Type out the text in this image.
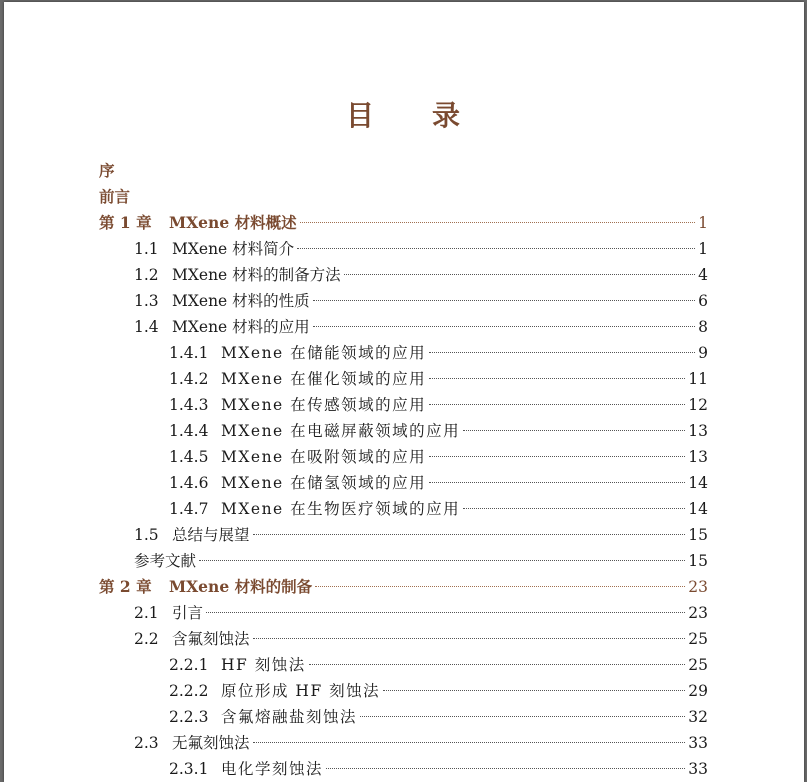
目 录
序
前言
第 1 章	MXene 材料概述	1
1.1 MXene 材料简介	1
1.2 MXene 材料的制备方法	4
1.3 MXene 材料的性质	6
1.4 MXene 材料的应用	8
1.4.1 MXene 在储能领域的应用	9
1.4.2 MXene 在催化领域的应用	11
1.4.3 MXene 在传感领域的应用	12
1.4.4 MXene 在电磁屏蔽领域的应用	13
1.4.5 MXene 在吸附领域的应用	13
1.4.6 MXene 在储氢领域的应用	14
1.4.7 MXene 在生物医疗领域的应用	14
1.5 总结与展望	15
参考文献	15
第 2 章	MXene 材料的制备	23
2.1 引言	23
2.2 含氟刻蚀法	25
2.2.1 HF 刻蚀法	25
2.2.2 原位形成 HF 刻蚀法	29
2.2.3 含氟熔融盐刻蚀法	32
2.3 无氟刻蚀法	33
2.3.1 电化学刻蚀法	33
